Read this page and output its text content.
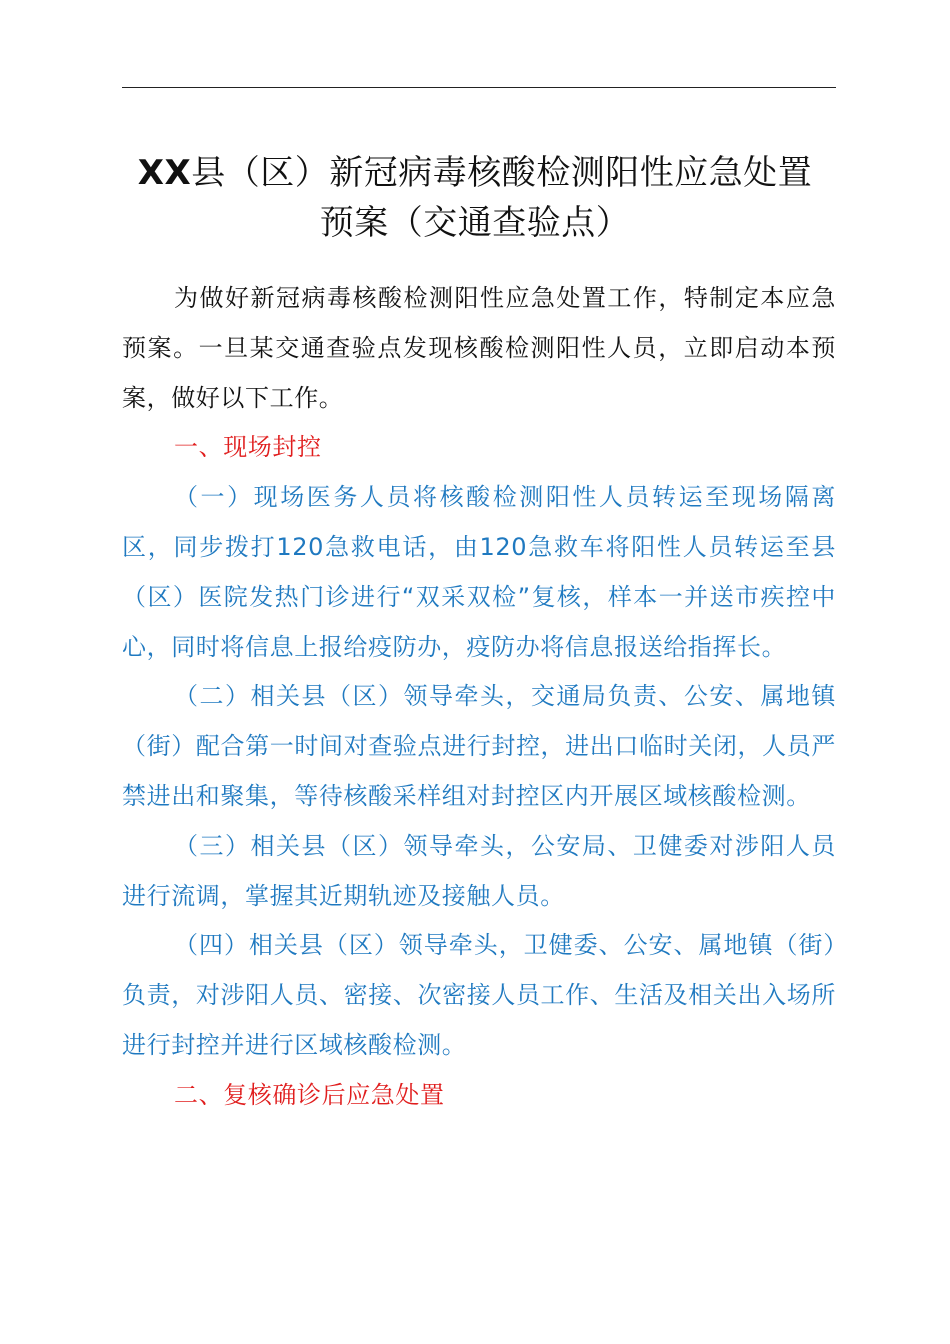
XX县（区）新冠病毒核酸检测阳性应急处置
预案（交通查验点）

为做好新冠病毒核酸检测阳性应急处置工作，特制定本应急预案。一旦某交通查验点发现核酸检测阳性人员，立即启动本预案，做好以下工作。

一、现场封控

（一）现场医务人员将核酸检测阳性人员转运至现场隔离区，同步拨打120急救电话，由120急救车将阳性人员转运至县（区）医院发热门诊进行“双采双检”复核，样本一并送市疾控中心，同时将信息上报给疫防办，疫防办将信息报送给指挥长。

（二）相关县（区）领导牵头，交通局负责、公安、属地镇（街）配合第一时间对查验点进行封控，进出口临时关闭，人员严禁进出和聚集，等待核酸采样组对封控区内开展区域核酸检测。

（三）相关县（区）领导牵头，公安局、卫健委对涉阳人员进行流调，掌握其近期轨迹及接触人员。

（四）相关县（区）领导牵头，卫健委、公安、属地镇（街）负责，对涉阳人员、密接、次密接人员工作、生活及相关出入场所进行封控并进行区域核酸检测。

二、复核确诊后应急处置
